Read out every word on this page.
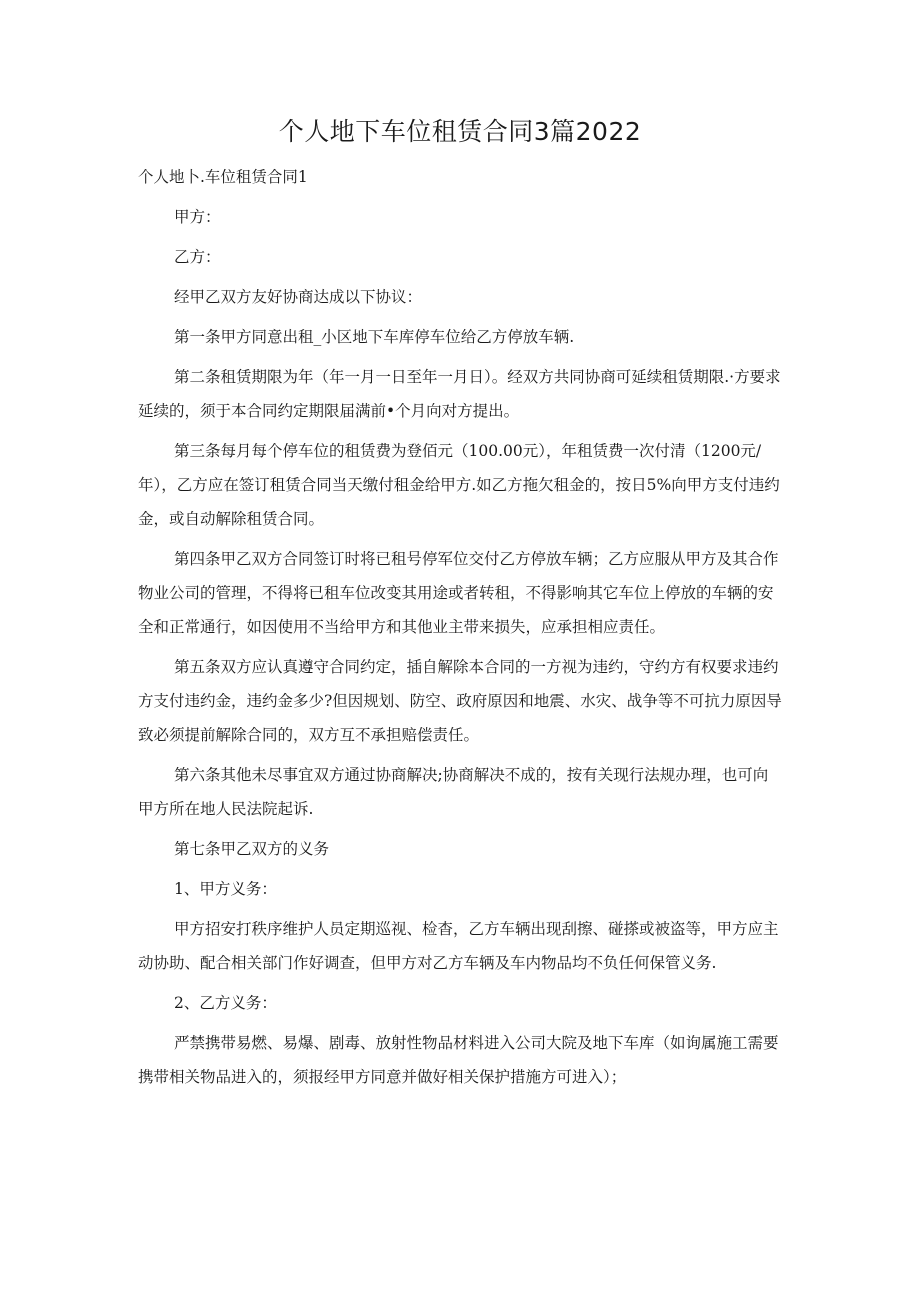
个人地下车位租赁合同3篇2022

个人地卜.车位租赁合同1

甲方：

乙方：

经甲乙双方友好协商达成以下协议：

第一条甲方同意出租_小区地下车库停车位给乙方停放车辆.

第二条租赁期限为年（年一月一日至年一月日）。经双方共同协商可延续租赁期限.·方要求延续的，须于本合同约定期限届满前•个月向对方提出。

第三条每月每个停车位的租赁费为登佰元（100.00元），年租赁费一次付清（1200元/年），乙方应在签订租赁合同当天缴付租金给甲方.如乙方拖欠租金的，按日5%向甲方支付违约金，或自动解除租赁合同。

第四条甲乙双方合同签订时将已租号停军位交付乙方停放车辆；乙方应服从甲方及其合作物业公司的管理，不得将已租车位改变其用途或者转租，不得影响其它车位上停放的车辆的安全和正常通行，如因使用不当给甲方和其他业主带来损失，应承担相应责任。

第五条双方应认真遵守合同约定，插自解除本合同的一方视为违约，守约方有权要求违约方支付违约金，违约金多少?但因规划、防空、政府原因和地震、水灾、战争等不可抗力原因导致必须提前解除合同的，双方互不承担赔偿责任。

第六条其他未尽事宜双方通过协商解决;协商解决不成的，按有关现行法规办理，也可向甲方所在地人民法院起诉.

第七条甲乙双方的义务

1、甲方义务：

甲方招安打秩序维护人员定期巡视、检杳，乙方车辆出现刮擦、碰搽或被盗等，甲方应主动协助、配合相关部门作好调查，但甲方对乙方车辆及车内物品均不负任何保管义务.

2、乙方义务：

严禁携带易燃、易爆、剧毒、放射性物品材料进入公司大院及地下车库（如询属施工需要携带相关物品进入的，须报经甲方同意并做好相关保护措施方可进入）；
